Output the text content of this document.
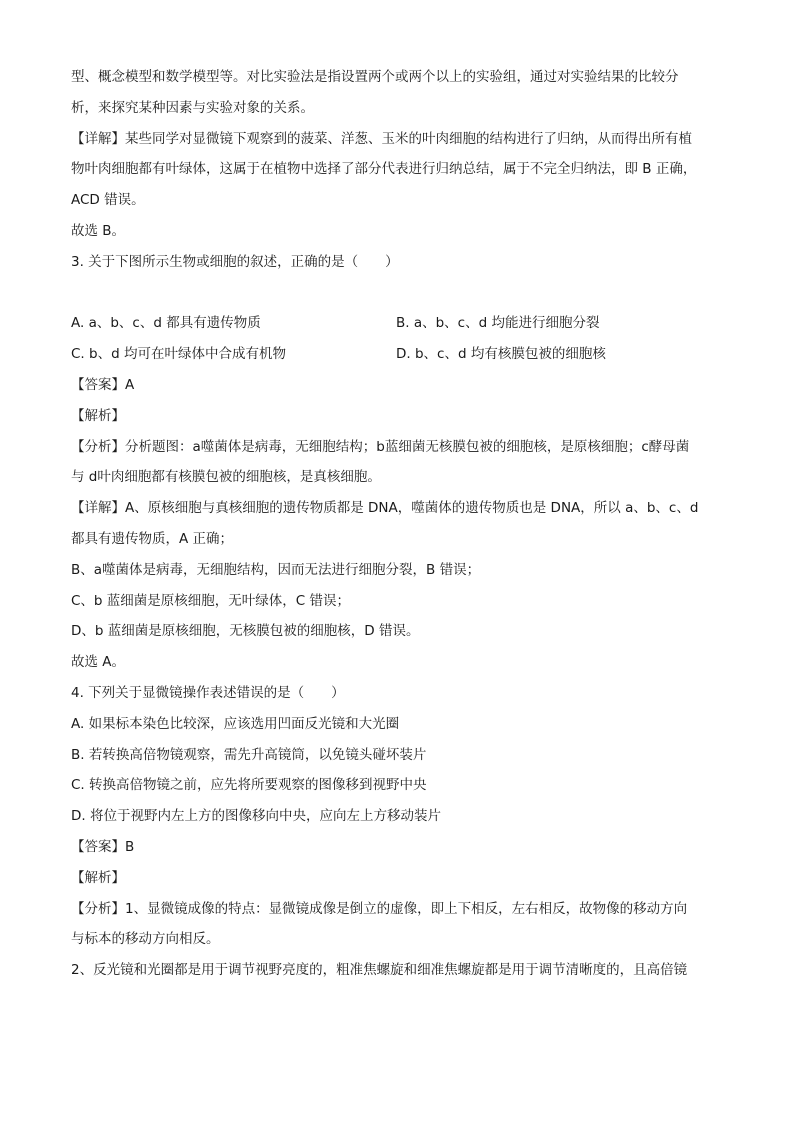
型、概念模型和数学模型等。对比实验法是指设置两个或两个以上的实验组，通过对实验结果的比较分
析，来探究某种因素与实验对象的关系。
【详解】某些同学对显微镜下观察到的菠菜、洋葱、玉米的叶肉细胞的结构进行了归纳，从而得出所有植
物叶肉细胞都有叶绿体，这属于在植物中选择了部分代表进行归纳总结，属于不完全归纳法，即 B 正确，
ACD 错误。
故选 B。
3. 关于下图所示生物或细胞的叙述，正确的是（　　）
A. a、b、c、d 都具有遗传物质	B. a、b、c、d 均能进行细胞分裂
C. b、d 均可在叶绿体中合成有机物	D. b、c、d 均有核膜包被的细胞核
【答案】A
【解析】
【分析】分析题图：a噬菌体是病毒，无细胞结构；b蓝细菌无核膜包被的细胞核，是原核细胞；c酵母菌
与 d叶肉细胞都有核膜包被的细胞核，是真核细胞。
【详解】A、原核细胞与真核细胞的遗传物质都是 DNA，噬菌体的遗传物质也是 DNA，所以 a、b、c、d
都具有遗传物质，A 正确；
B、a噬菌体是病毒，无细胞结构，因而无法进行细胞分裂，B 错误；
C、b 蓝细菌是原核细胞，无叶绿体，C 错误；
D、b 蓝细菌是原核细胞，无核膜包被的细胞核，D 错误。
故选 A。
4. 下列关于显微镜操作表述错误的是（　　）
A. 如果标本染色比较深，应该选用凹面反光镜和大光圈
B. 若转换高倍物镜观察，需先升高镜筒，以免镜头碰坏装片
C. 转换高倍物镜之前，应先将所要观察的图像移到视野中央
D. 将位于视野内左上方的图像移向中央，应向左上方移动装片
【答案】B
【解析】
【分析】1、显微镜成像的特点：显微镜成像是倒立的虚像，即上下相反，左右相反，故物像的移动方向
与标本的移动方向相反。
2、反光镜和光圈都是用于调节视野亮度的，粗准焦螺旋和细准焦螺旋都是用于调节清晰度的，且高倍镜
